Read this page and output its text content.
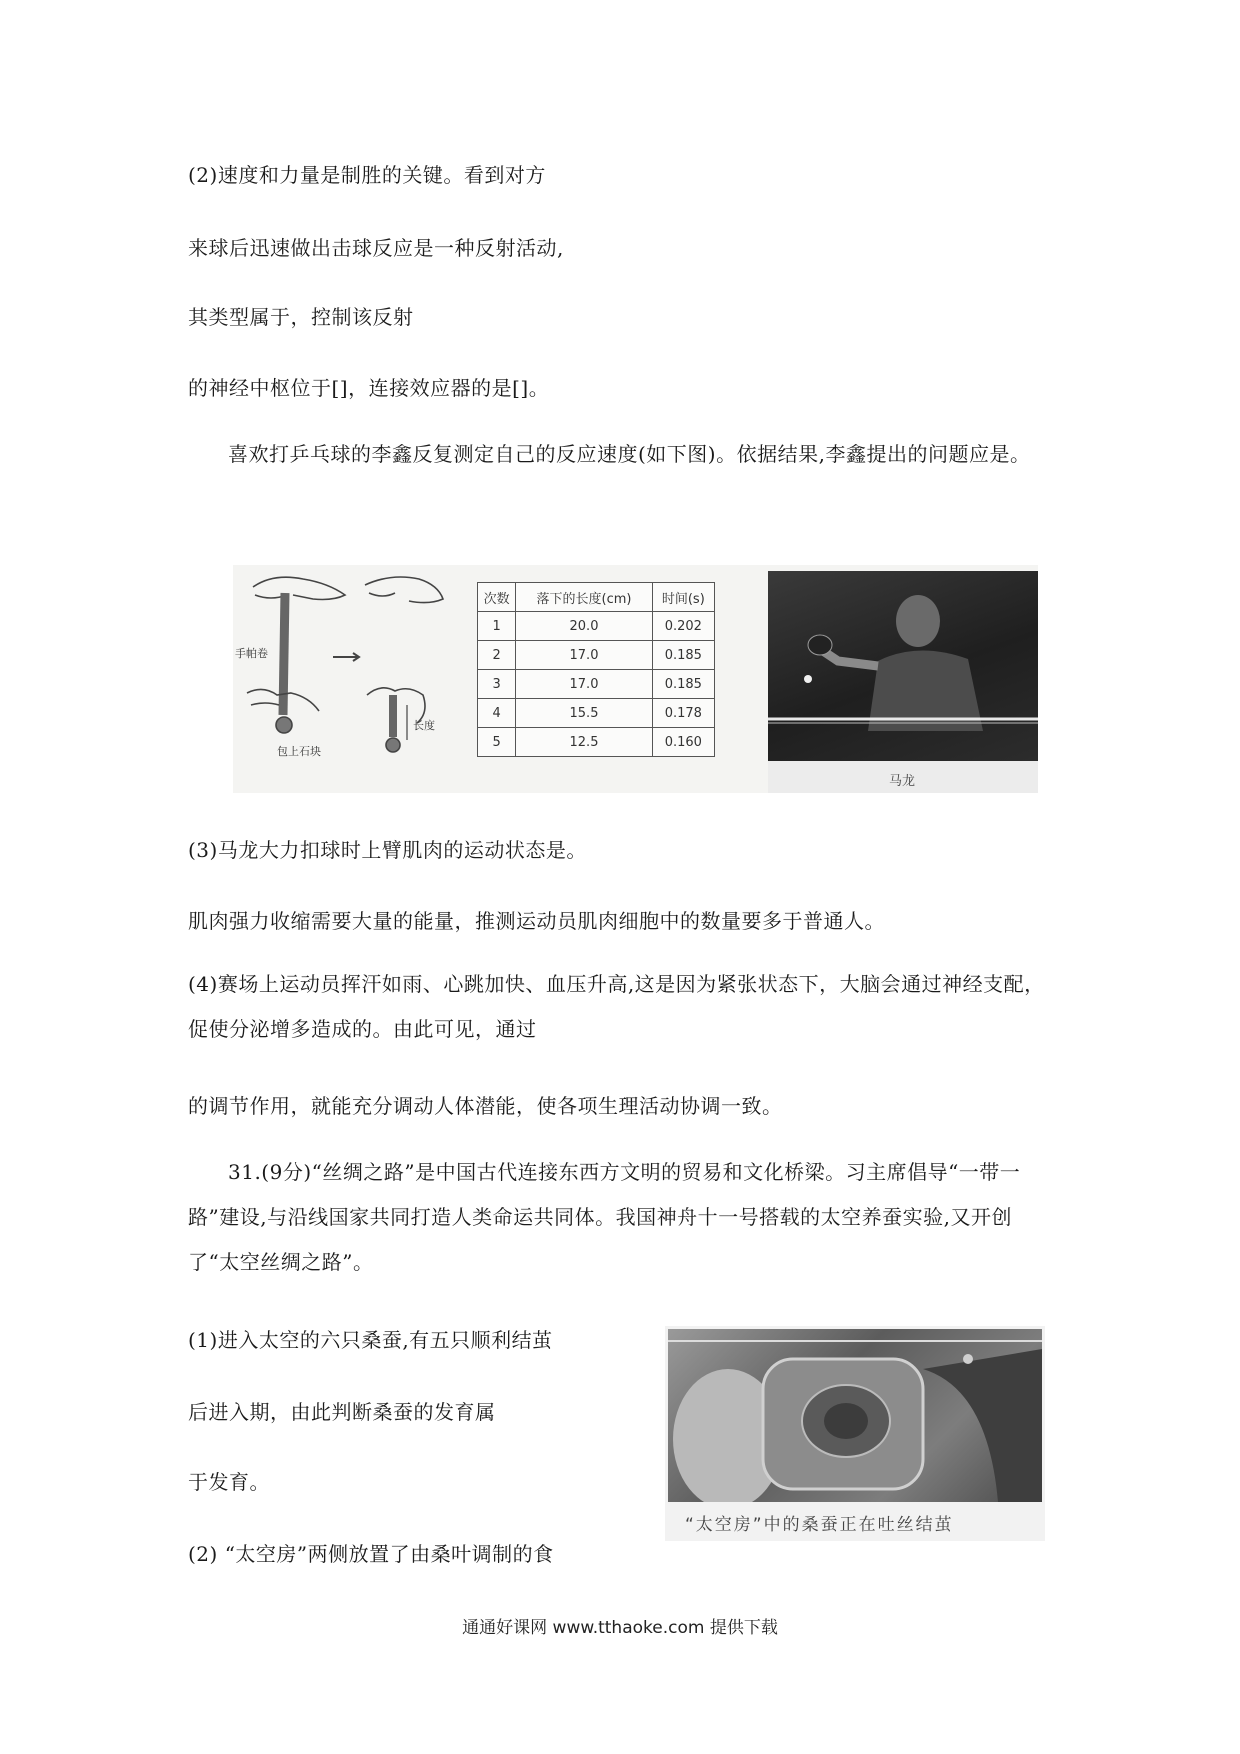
(2)速度和力量是制胜的关键。看到对方
来球后迅速做出击球反应是一种反射活动,
其类型属于，控制该反射
的神经中枢位于[]，连接效应器的是[]。
喜欢打乒乓球的李鑫反复测定自己的反应速度(如下图)。依据结果,李鑫提出的问题应是。
手帕卷
包上石块
长度
次数	落下的长度(cm)	时间(s)
1	20.0	0.202
2	17.0	0.185
3	17.0	0.185
4	15.5	0.178
5	12.5	0.160
马龙
(3)马龙大力扣球时上臂肌肉的运动状态是。
肌肉强力收缩需要大量的能量，推测运动员肌肉细胞中的数量要多于普通人。
(4)赛场上运动员挥汗如雨、心跳加快、血压升高,这是因为紧张状态下，大脑会通过神经支配，促使分泌增多造成的。由此可见，通过
的调节作用，就能充分调动人体潜能，使各项生理活动协调一致。
31.(9分)“丝绸之路”是中国古代连接东西方文明的贸易和文化桥梁。习主席倡导“一带一路”建设,与沿线国家共同打造人类命运共同体。我国神舟十一号搭载的太空养蚕实验,又开创了“太空丝绸之路”。
(1)进入太空的六只桑蚕,有五只顺利结茧
后进入期，由此判断桑蚕的发育属
于发育。
(2) “太空房”两侧放置了由桑叶调制的食
“太空房”中的桑蚕正在吐丝结茧
通通好课网 www.tthaoke.com 提供下载
